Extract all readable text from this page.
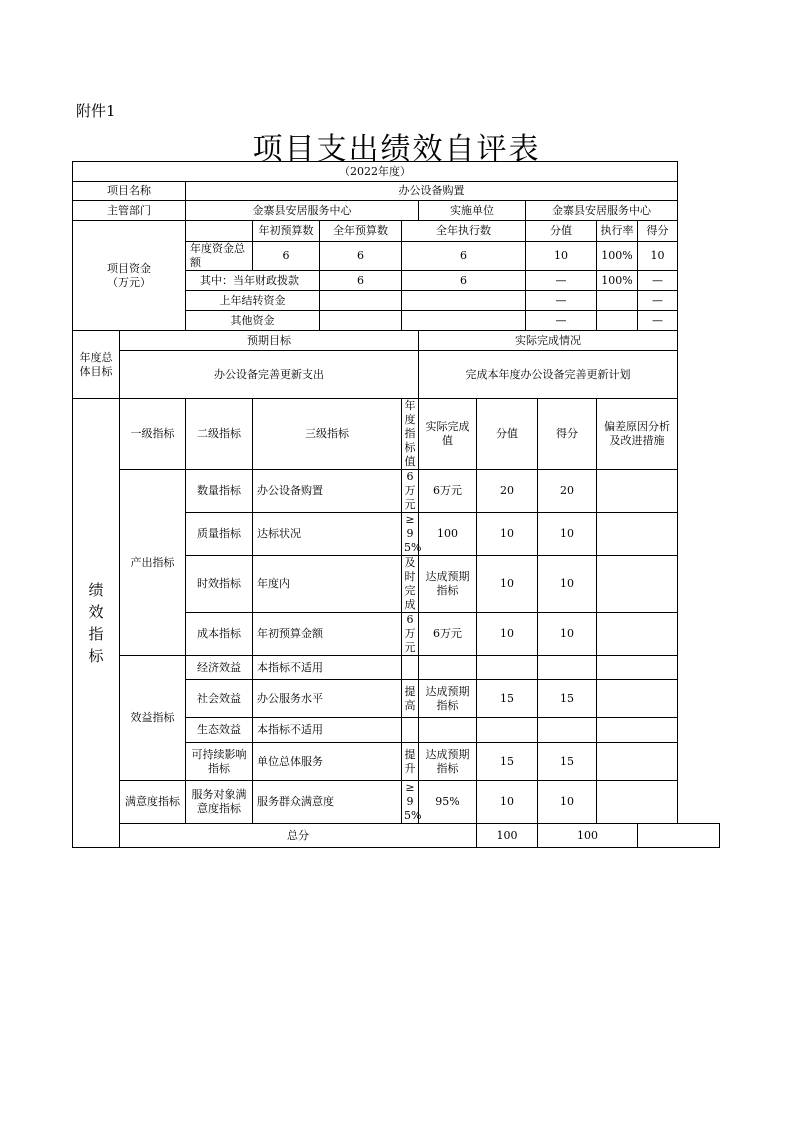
附件1
项目支出绩效自评表
（2022年度）											
项目名称		办公设备购置									
主管部门		金寨县安居服务中心				实施单位		金寨县安居服务中心			
项目资金（万元）			年初预算数	全年预算数	全年执行数			分值		执行率	得分
		年度资金总额	6	6	6			10		100%	10
		其中：当年财政拨款		6	6			—		100%	—
		上年结转资金						—			—
		其他资金						—			—
年度总体目标	预期目标					实际完成情况					
	办公设备完善更新支出					完成本年度办公设备完善更新计划					
绩效指标	一级指标	二级指标	三级指标		年度指标值	实际完成值	分值		得分	偏差原因分析及改进措施	
	产出指标	数量指标	办公设备购置		6万元	6万元	20		20		
		质量指标	达标状况		≥95%	100	10		10		
		时效指标	年度内		及时完成	达成预期指标	10		10		
		成本指标	年初预算金额		6万元	6万元	10		10		
	效益指标	经济效益	本指标不适用								
		社会效益	办公服务水平		提高	达成预期指标	15		15		
		生态效益	本指标不适用								
		可持续影响指标	单位总体服务		提升	达成预期指标	15		15		
	满意度指标	服务对象满意度指标	服务群众满意度		≥95%	95%	10		10		
	总分						100		100		
